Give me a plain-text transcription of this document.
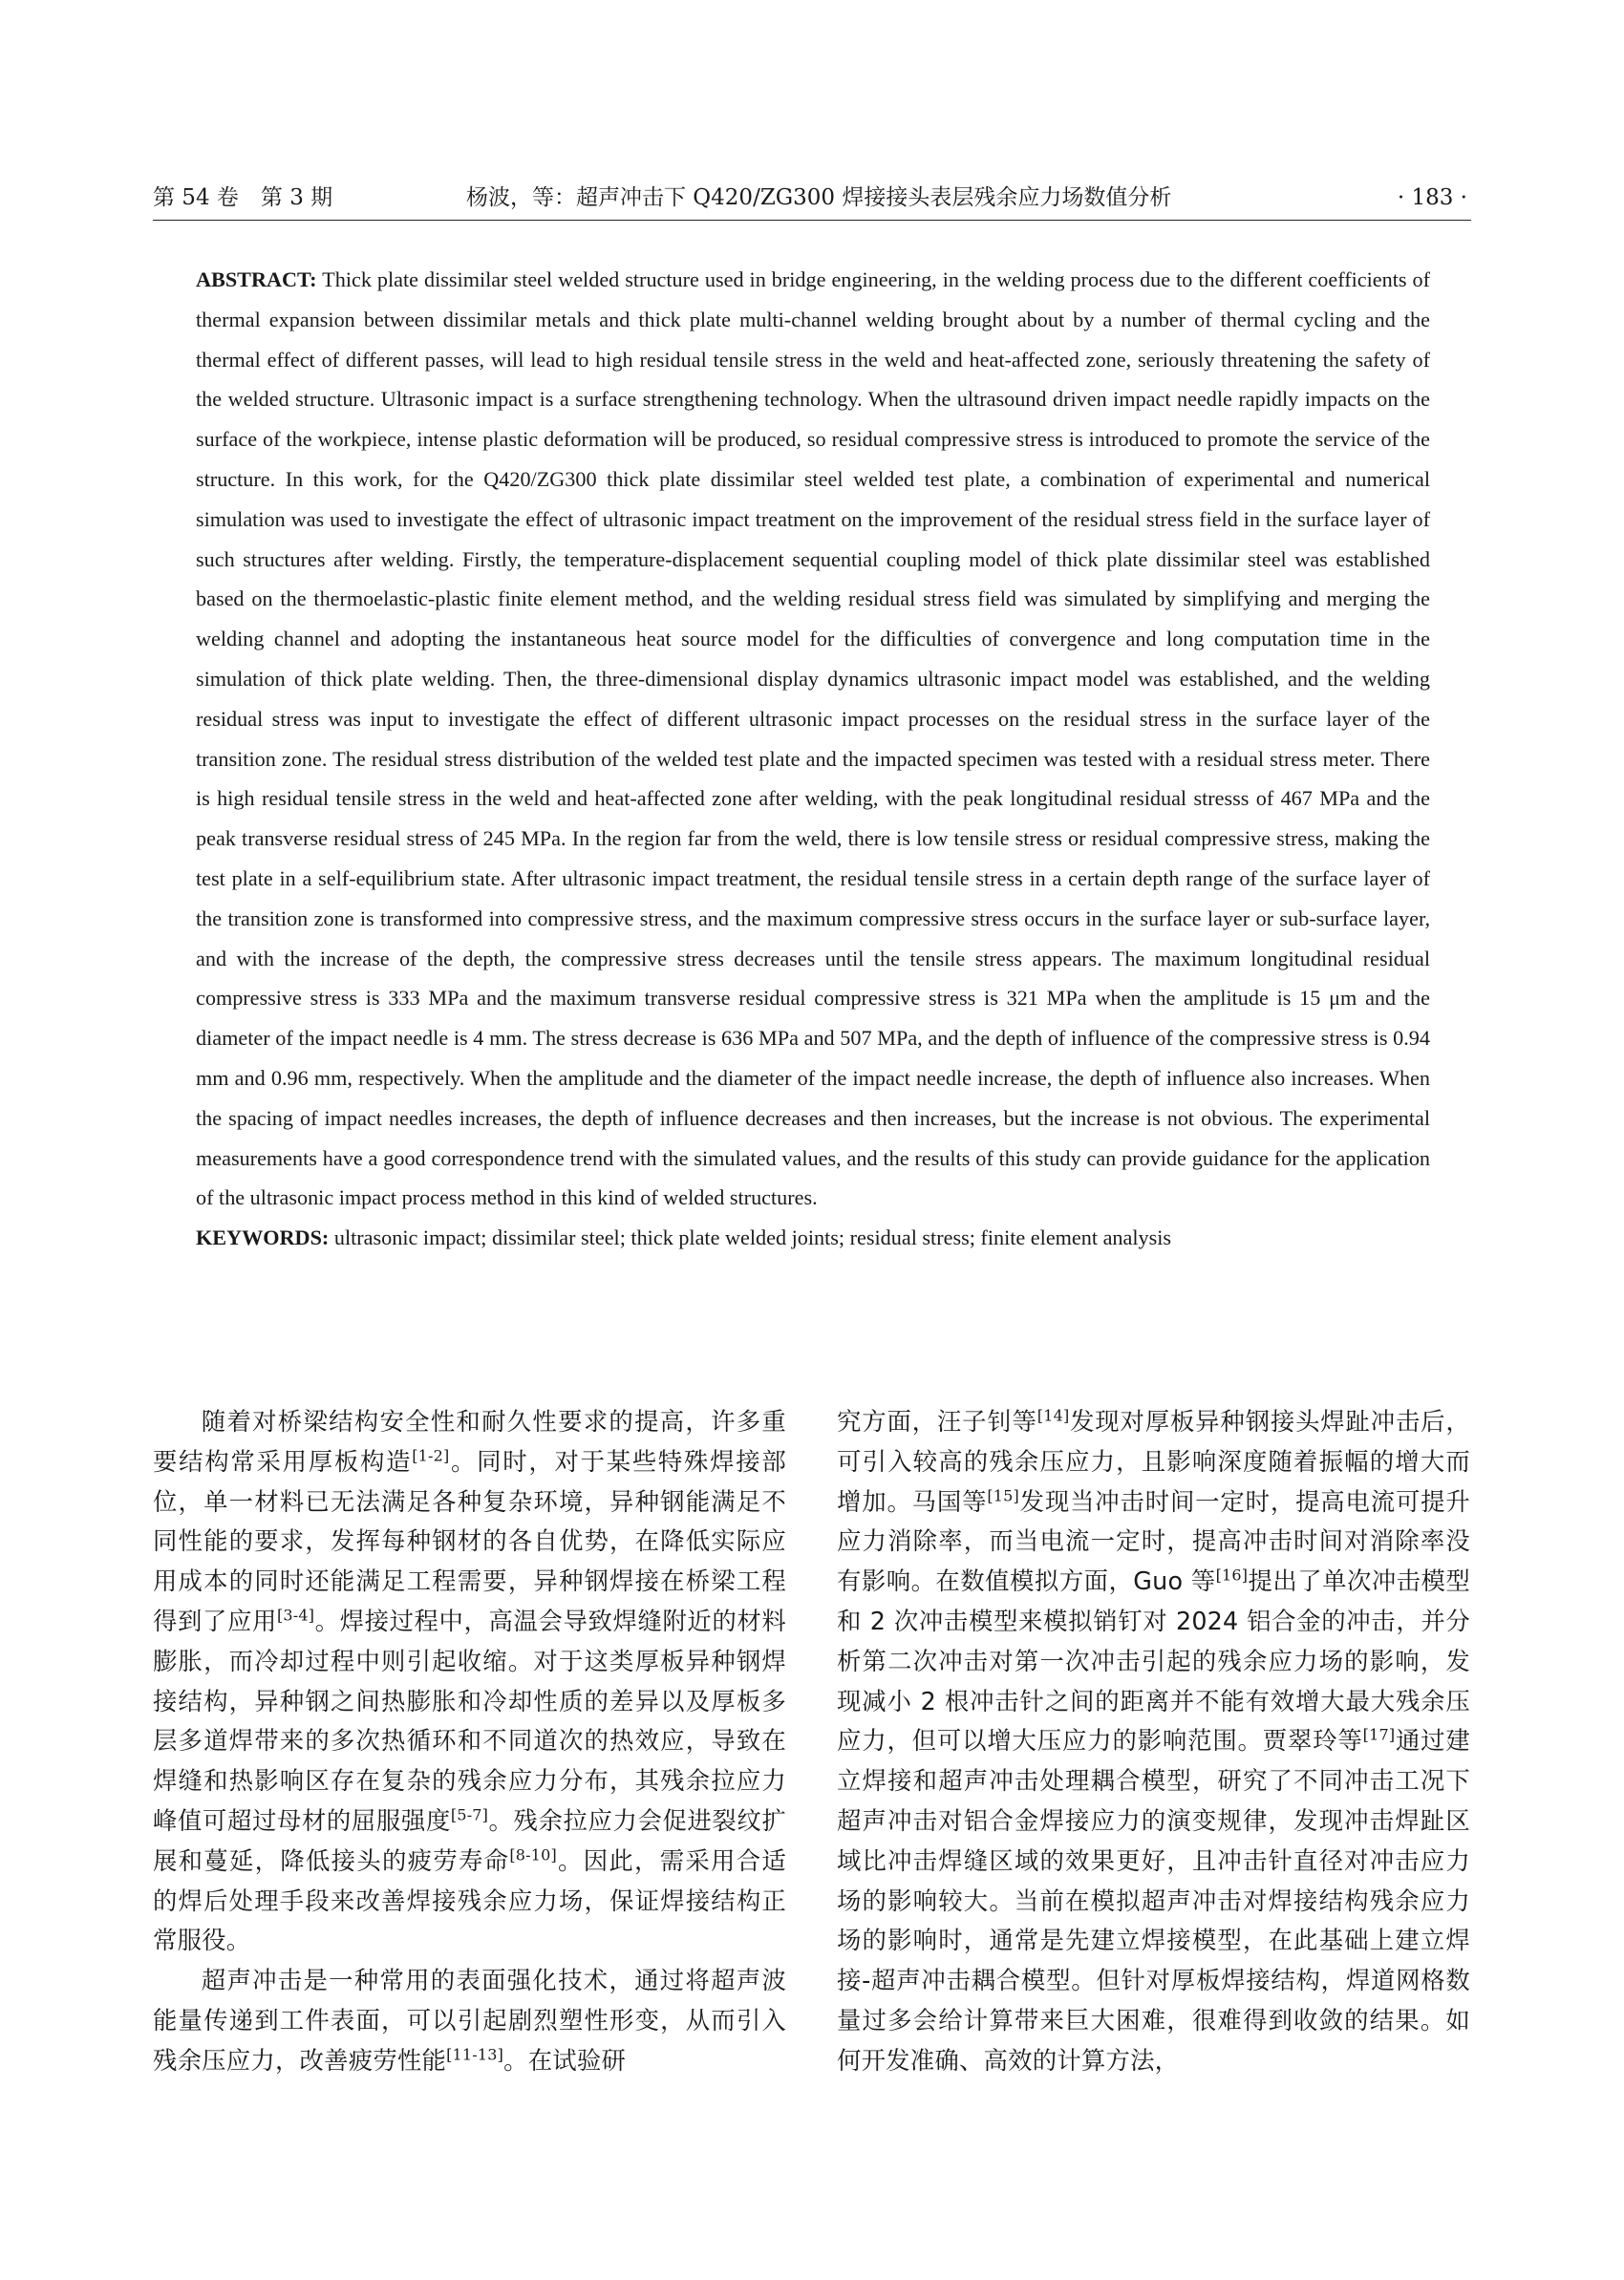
第 54 卷　第 3 期	杨波，等：超声冲击下 Q420/ZG300 焊接接头表层残余应力场数值分析	· 183 ·

ABSTRACT: Thick plate dissimilar steel welded structure used in bridge engineering, in the welding process due to the different coefficients of thermal expansion between dissimilar metals and thick plate multi-channel welding brought about by a number of thermal cycling and the thermal effect of different passes, will lead to high residual tensile stress in the weld and heat-affected zone, seriously threatening the safety of the welded structure. Ultrasonic impact is a surface strengthening technology. When the ultrasound driven impact needle rapidly impacts on the surface of the workpiece, intense plastic deformation will be produced, so residual compressive stress is introduced to promote the service of the structure. In this work, for the Q420/ZG300 thick plate dissimilar steel welded test plate, a combination of experimental and numerical simulation was used to investigate the effect of ultrasonic impact treatment on the improvement of the residual stress field in the surface layer of such structures after welding. Firstly, the temperature-displacement sequential coupling model of thick plate dissimilar steel was established based on the thermoelastic-plastic finite element method, and the welding residual stress field was simulated by simplifying and merging the welding channel and adopting the instantaneous heat source model for the difficulties of convergence and long computation time in the simulation of thick plate welding. Then, the three-dimensional display dynamics ultrasonic impact model was established, and the welding residual stress was input to investigate the effect of different ultrasonic impact processes on the residual stress in the surface layer of the transition zone. The residual stress distribution of the welded test plate and the impacted specimen was tested with a residual stress meter. There is high residual tensile stress in the weld and heat-affected zone after welding, with the peak longitudinal residual stresss of 467 MPa and the peak transverse residual stress of 245 MPa. In the region far from the weld, there is low tensile stress or residual compressive stress, making the test plate in a self-equilibrium state. After ultrasonic impact treatment, the residual tensile stress in a certain depth range of the surface layer of the transition zone is transformed into compressive stress, and the maximum compressive stress occurs in the surface layer or sub-surface layer, and with the increase of the depth, the compressive stress decreases until the tensile stress appears. The maximum longitudinal residual compressive stress is 333 MPa and the maximum transverse residual compressive stress is 321 MPa when the amplitude is 15 μm and the diameter of the impact needle is 4 mm. The stress decrease is 636 MPa and 507 MPa, and the depth of influence of the compressive stress is 0.94 mm and 0.96 mm, respectively. When the amplitude and the diameter of the impact needle increase, the depth of influence also increases. When the spacing of impact needles increases, the depth of influence decreases and then increases, but the increase is not obvious. The experimental measurements have a good correspondence trend with the simulated values, and the results of this study can provide guidance for the application of the ultrasonic impact process method in this kind of welded structures.

KEYWORDS: ultrasonic impact; dissimilar steel; thick plate welded joints; residual stress; finite element analysis

随着对桥梁结构安全性和耐久性要求的提高，许多重要结构常采用厚板构造[1-2]。同时，对于某些特殊焊接部位，单一材料已无法满足各种复杂环境，异种钢能满足不同性能的要求，发挥每种钢材的各自优势，在降低实际应用成本的同时还能满足工程需要，异种钢焊接在桥梁工程得到了应用[3-4]。焊接过程中，高温会导致焊缝附近的材料膨胀，而冷却过程中则引起收缩。对于这类厚板异种钢焊接结构，异种钢之间热膨胀和冷却性质的差异以及厚板多层多道焊带来的多次热循环和不同道次的热效应，导致在焊缝和热影响区存在复杂的残余应力分布，其残余拉应力峰值可超过母材的屈服强度[5-7]。残余拉应力会促进裂纹扩展和蔓延，降低接头的疲劳寿命[8-10]。因此，需采用合适的焊后处理手段来改善焊接残余应力场，保证焊接结构正常服役。

超声冲击是一种常用的表面强化技术，通过将超声波能量传递到工件表面，可以引起剧烈塑性形变，从而引入残余压应力，改善疲劳性能[11-13]。在试验研

究方面，汪子钊等[14]发现对厚板异种钢接头焊趾冲击后，可引入较高的残余压应力，且影响深度随着振幅的增大而增加。马国等[15]发现当冲击时间一定时，提高电流可提升应力消除率，而当电流一定时，提高冲击时间对消除率没有影响。在数值模拟方面，Guo 等[16]提出了单次冲击模型和 2 次冲击模型来模拟销钉对 2024 铝合金的冲击，并分析第二次冲击对第一次冲击引起的残余应力场的影响，发现减小 2 根冲击针之间的距离并不能有效增大最大残余压应力，但可以增大压应力的影响范围。贾翠玲等[17]通过建立焊接和超声冲击处理耦合模型，研究了不同冲击工况下超声冲击对铝合金焊接应力的演变规律，发现冲击焊趾区域比冲击焊缝区域的效果更好，且冲击针直径对冲击应力场的影响较大。当前在模拟超声冲击对焊接结构残余应力场的影响时，通常是先建立焊接模型，在此基础上建立焊接-超声冲击耦合模型。但针对厚板焊接结构，焊道网格数量过多会给计算带来巨大困难，很难得到收敛的结果。如何开发准确、高效的计算方法，
